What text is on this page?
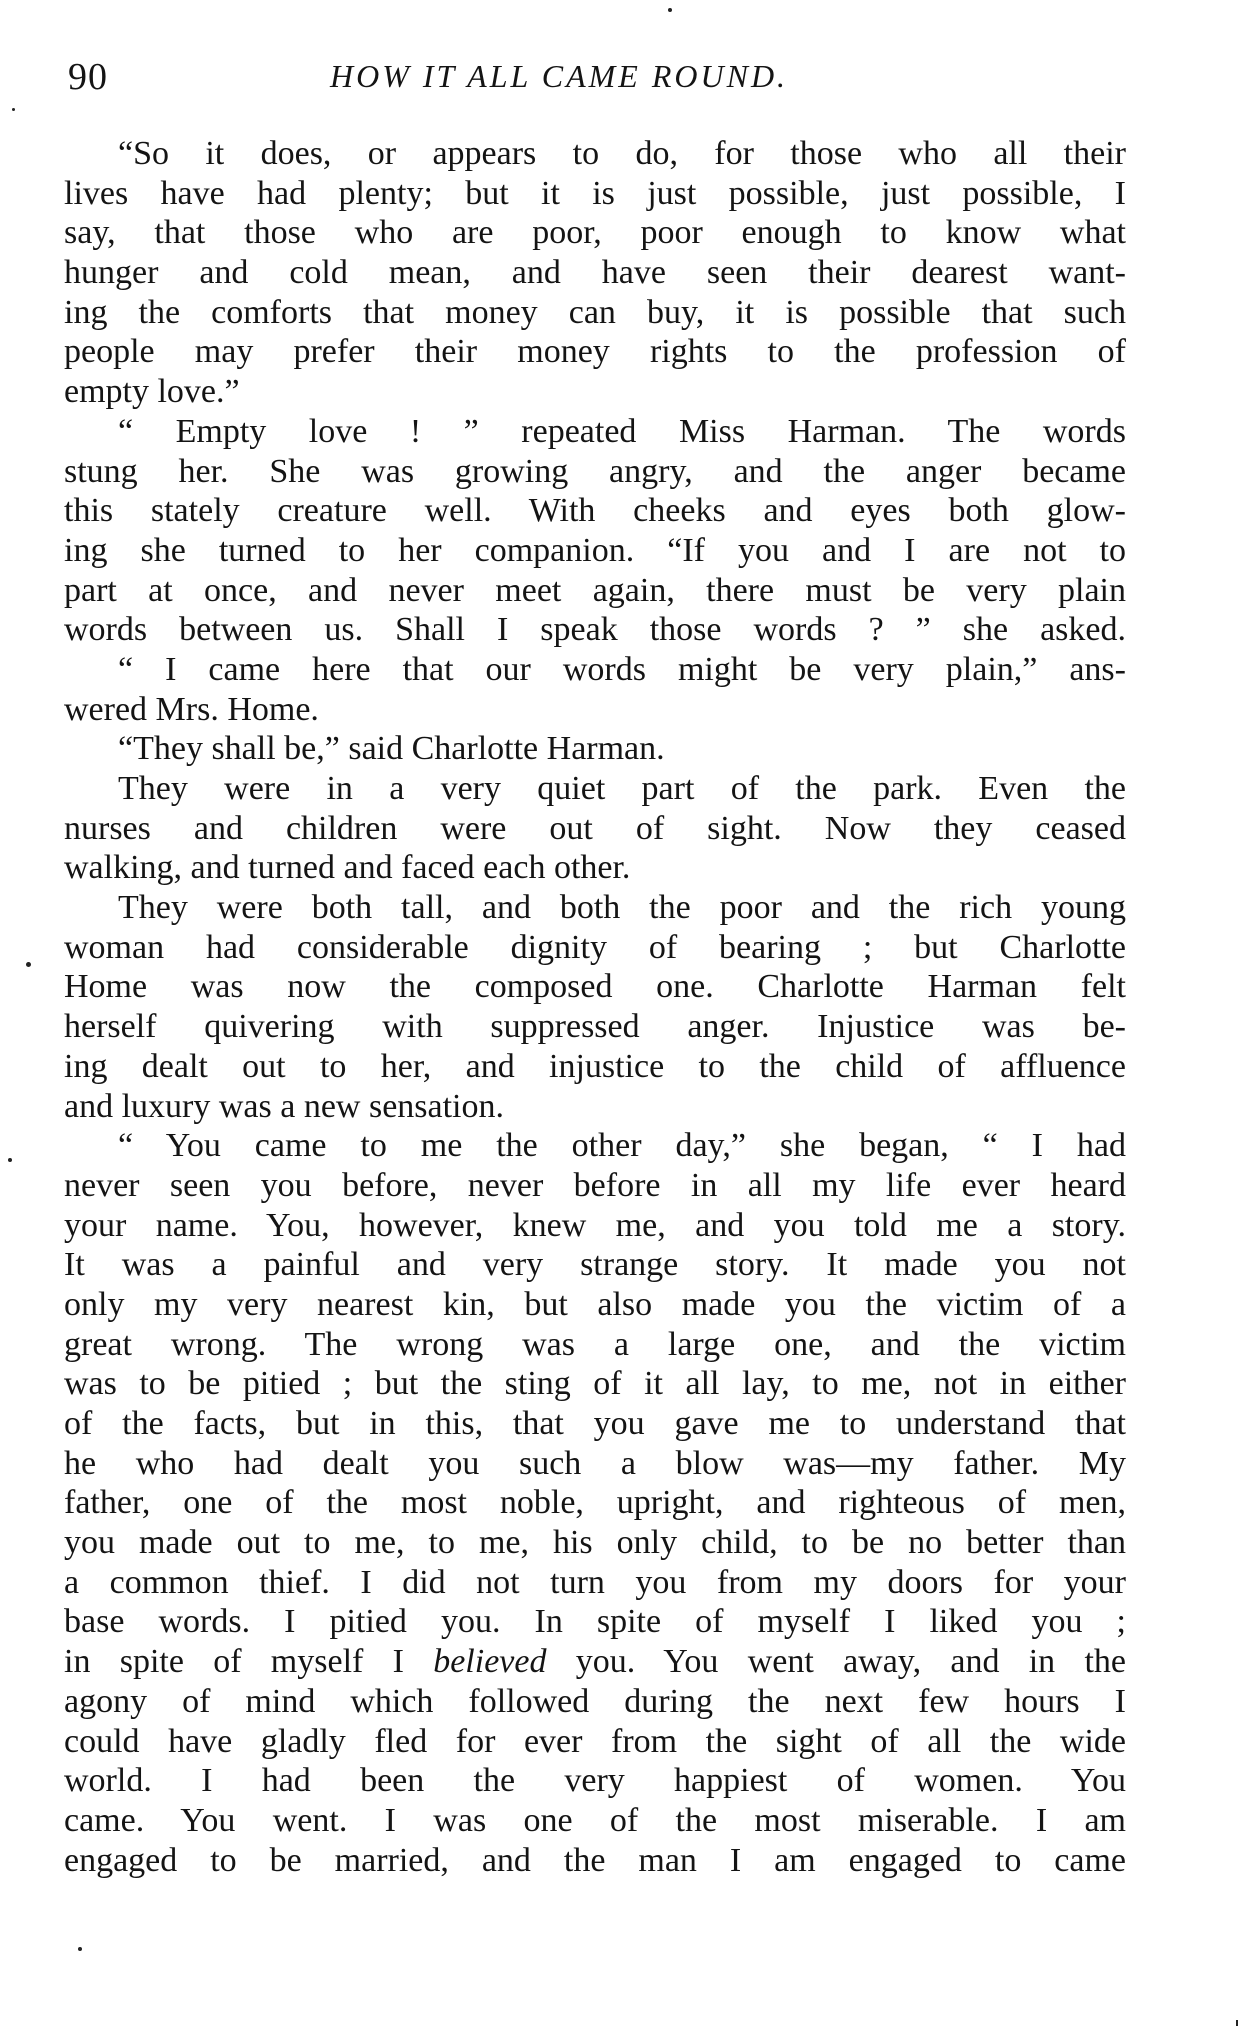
90	HOW IT ALL CAME ROUND.
“So it does, or appears to do, for those who all their
lives have had plenty; but it is just possible, just possible, I
say, that those who are poor, poor enough to know what
hunger and cold mean, and have seen their dearest want-
ing the comforts that money can buy, it is possible that such
people may prefer their money rights to the profession of
empty love.”
“ Empty love ! ” repeated Miss Harman. The words
stung her. She was growing angry, and the anger became
this stately creature well. With cheeks and eyes both glow-
ing she turned to her companion. “If you and I are not to
part at once, and never meet again, there must be very plain
words between us. Shall I speak those words ? ” she asked.
“ I came here that our words might be very plain,” ans-
wered Mrs. Home.
“They shall be,” said Charlotte Harman.
They were in a very quiet part of the park. Even the
nurses and children were out of sight. Now they ceased
walking, and turned and faced each other.
They were both tall, and both the poor and the rich young
woman had considerable dignity of bearing ; but Charlotte
Home was now the composed one. Charlotte Harman felt
herself quivering with suppressed anger. Injustice was be-
ing dealt out to her, and injustice to the child of affluence
and luxury was a new sensation.
“ You came to me the other day,” she began, “ I had
never seen you before, never before in all my life ever heard
your name. You, however, knew me, and you told me a story.
It was a painful and very strange story. It made you not
only my very nearest kin, but also made you the victim of a
great wrong. The wrong was a large one, and the victim
was to be pitied ; but the sting of it all lay, to me, not in either
of the facts, but in this, that you gave me to understand that
he who had dealt you such a blow was—my father. My
father, one of the most noble, upright, and righteous of men,
you made out to me, to me, his only child, to be no better than
a common thief. I did not turn you from my doors for your
base words. I pitied you. In spite of myself I liked you ;
in spite of myself I believed you. You went away, and in the
agony of mind which followed during the next few hours I
could have gladly fled for ever from the sight of all the wide
world. I had been the very happiest of women. You
came. You went. I was one of the most miserable. I am
engaged to be married, and the man I am engaged to came
